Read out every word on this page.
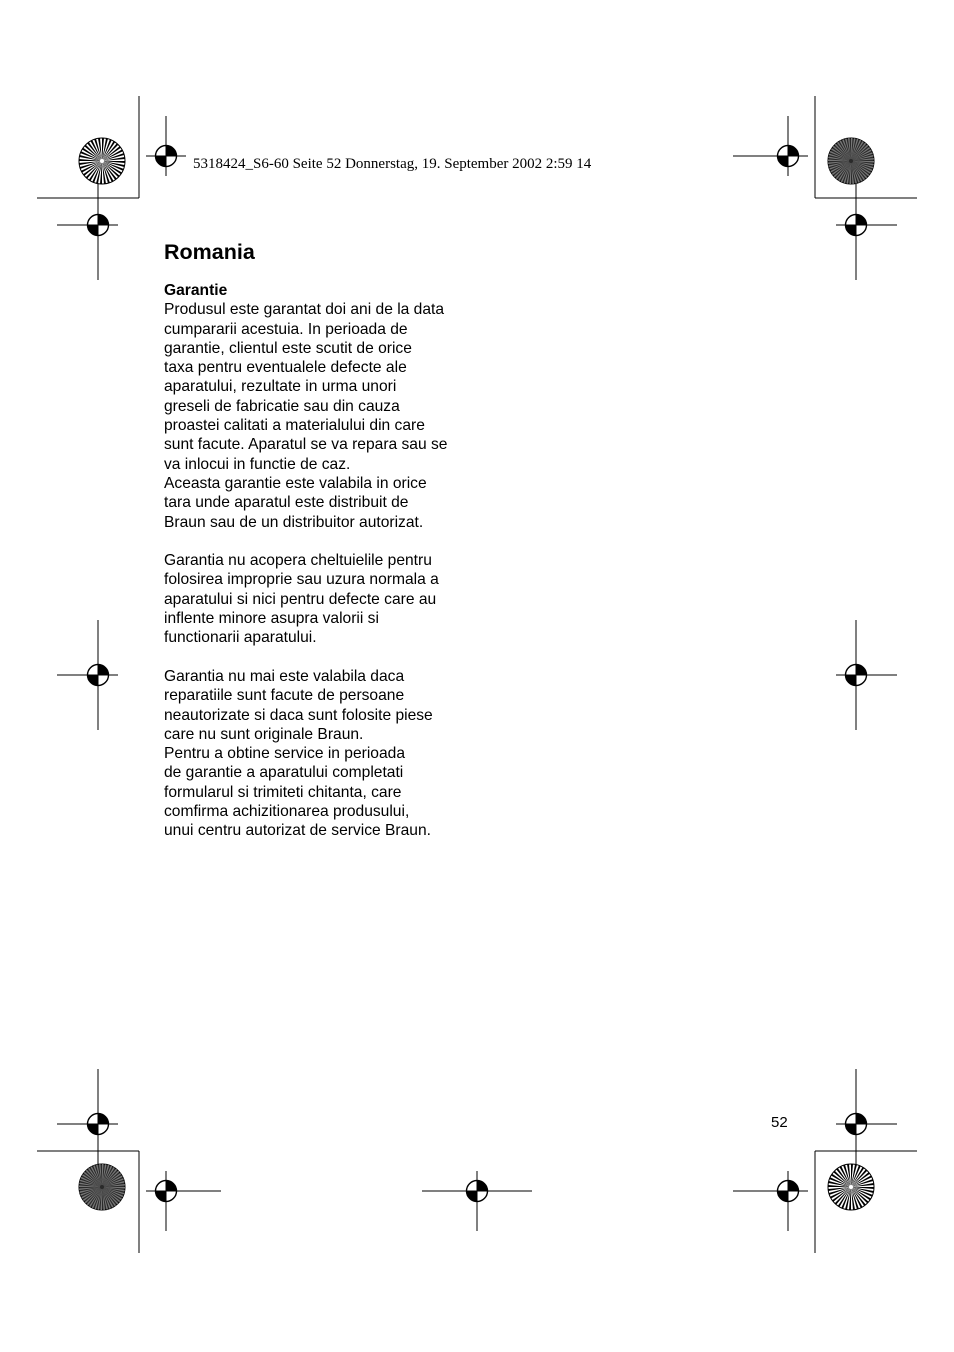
5318424_S6-60 Seite 52 Donnerstag, 19. September 2002 2:59 14
Romania
Garantie

Produsul este garantat doi ani de la data
cumpararii acestuia. In perioada de
garantie, clientul este scutit de orice
taxa pentru eventualele defecte ale
aparatului, rezultate in urma unori
greseli de fabricatie sau din cauza
proastei calitati a materialului din care
sunt facute. Aparatul se va repara sau se
va inlocui in functie de caz.

Aceasta garantie este valabila in orice
tara unde aparatul este distribuit de
Braun sau de un distribuitor autorizat.

Garantia nu acopera cheltuielile pentru
folosirea improprie sau uzura normala a
aparatului si nici pentru defecte care au
inflente minore asupra valorii si
functionarii aparatului.

Garantia nu mai este valabila daca
reparatiile sunt facute de persoane
neautorizate si daca sunt folosite piese
care nu sunt originale Braun.

Pentru a obtine service in perioada
de garantie a aparatului completati
formularul si trimiteti chitanta, care
comfirma achizitionarea produsului,
unui centru autorizat de service Braun.

52
